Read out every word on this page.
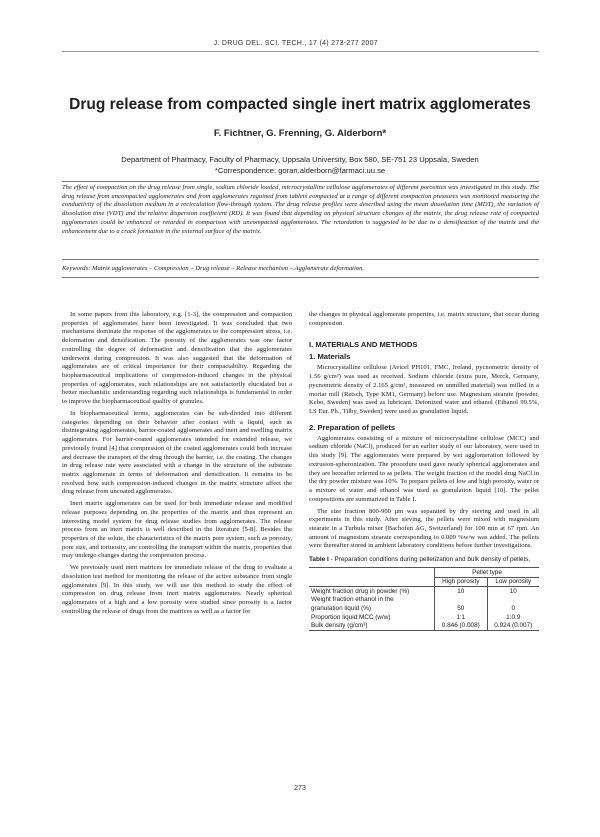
J. DRUG DEL. SCI. TECH., 17 (4) 273-277 2007
Drug release from compacted single inert matrix agglomerates
F. Fichtner, G. Frenning, G. Alderborn*
Department of Pharmacy, Faculty of Pharmacy, Uppsala University, Box 580, SE-751 23 Uppsala, Sweden
*Correspondence: goran.alderborn@farmaci.uu.se
The effect of compaction on the drug release from single, sodium chloride loaded, microcrystalline cellulose agglomerates of different porosities was investigated in this study. The drug release from uncompacted agglomerates and from agglomerates regained from tablets compacted at a range of different compaction pressures was monitored measuring the conductivity of the dissolution medium in a recirculation flow-through system. The drug release profiles were described using the mean dissolution time (MDT), the variation of dissolution time (VDT) and the relative dispersion coefficient (RD). It was found that depending on physical structure changes of the matrix, the drug release rate of compacted agglomerates could be enhanced or retarded in comparison with uncompacted agglomerates. The retardation is suggested to be due to a densification of the matrix and the enhancement due to a crack formation in the external surface of the matrix.
Keywords: Matrix agglomerates – Compression – Drug release – Release mechanism – Agglomerate deformation.

In some papers from this laboratory, e.g. [1-3], the compression and compaction properties of agglomerates have been investigated. It was concluded that two mechanisms dominate the response of the agglomerates to the compression stress, i.e. deformation and densification. The porosity of the agglomerates was one factor controlling the degree of deformation and densification that the agglomerates underwent during compression. It was also suggested that the deformation of agglomerates are of critical importance for their compactability. Regarding the biopharmaceutical implications of compression-induced changes in the physical properties of agglomerates, such relationships are not satisfactorily elucidated but a better mechanistic understanding regarding such relationships is fundamental in order to improve the biopharmaceutical quality of granules.

In biopharmaceutical terms, agglomerates can be sub-divided into different categories depending on their behavior after contact with a liquid, such as disintegrating agglomerates, barrier-coated agglomerates and inert and swelling matrix agglomerates. For barrier-coated agglomerates intended for extended release, we previously found [4] that compression of the coated agglomerates could both increase and decrease the transport of the drug through the barrier, i.e. the coating. The changes in drug release rate were associated with a change in the structure of the substrate matrix agglomerate in terms of deformation and densification. It remains to be resolved how such compression-induced changes in the matrix structure affect the drug release from uncoated agglomerates.

Inert matrix agglomerates can be used for both immediate release and modified release purposes depending on the properties of the matrix and thus represent an interesting model system for drug release studies from agglomerates. The release process from an inert matrix is well described in the literature [5-8]. Besides the properties of the solute, the characteristics of the matrix pore system, such as porosity, pore size, and tortuosity, are controlling the transport within the matrix, properties that may undergo changes during the compression process.

We previously used inert matrices for immediate release of the drug to evaluate a dissolution test method for monitoring the release of the active substance from single agglomerates [9]. In this study, we will use this method to study the effect of compression on drug release from inert matrix agglomerates. Nearly spherical agglomerates of a high and a low porosity were studied since porosity is a factor controlling the release of drugs from the matrices as well as a factor for

the changes in physical agglomerate properties, i.e. matrix structure, that occur during compression.

I. MATERIALS AND METHODS
1. Materials

Microcrystalline cellulose (Avicel PH101, FMC, Ireland, pycnometric density of 1.56 g/cm³) was used as received. Sodium chloride (extra pure, Merck, Germany, pycnometric density of 2.165 g/cm³, measured on unmilled material) was milled in a mortar mill (Retsch, Type KM1, Germany) before use. Magnesium stearate (powder, Kebo, Sweden) was used as lubricant. Deionized water and ethanol (Ethanol 99.5%, LS Eur. Ph., Tilby, Sweden) were used as granulation liquid.

2. Preparation of pellets

Agglomerates consisting of a mixture of microcrystalline cellulose (MCC) and sodium chloride (NaCl), produced for an earlier study of our laboratory, were used in this study [9]. The agglomerates were prepared by wet agglomeration followed by extrusion-spheronization. The procedure used gave nearly spherical agglomerates and they are hereafter referred to as pellets. The weight fraction of the model drug NaCl in the dry powder mixture was 10%. To prepare pellets of low and high porosity, water or a mixture of water and ethanol was used as granulation liquid [10]. The pellet compositions are summarized in Table I.

The size fraction 800-900 μm was separated by dry sieving and used in all experiments in this study. After sieving, the pellets were mixed with magnesium stearate in a Turbula mixer (Bachofen AG, Switzerland) for 100 min at 67 rpm. An amount of magnesium stearate corresponding to 0.009 %w/w was added. The pellets were thereafter stored in ambient laboratory conditions before further investigations.

Table I - Preparation conditions during pelletization and bulk density of pellets.
	Pellet type	
	High porosity	Low porosity
Weight fraction drug in powder (%)	10	10
Weight fraction ethanol in the		
granulation liquid (%)	50	0
Proportion liquid:MCC (w/w)	1:1	1:0.9
Bulk density (g/cm³)	0.846 (0.008)	0.924 (0.007)
273
